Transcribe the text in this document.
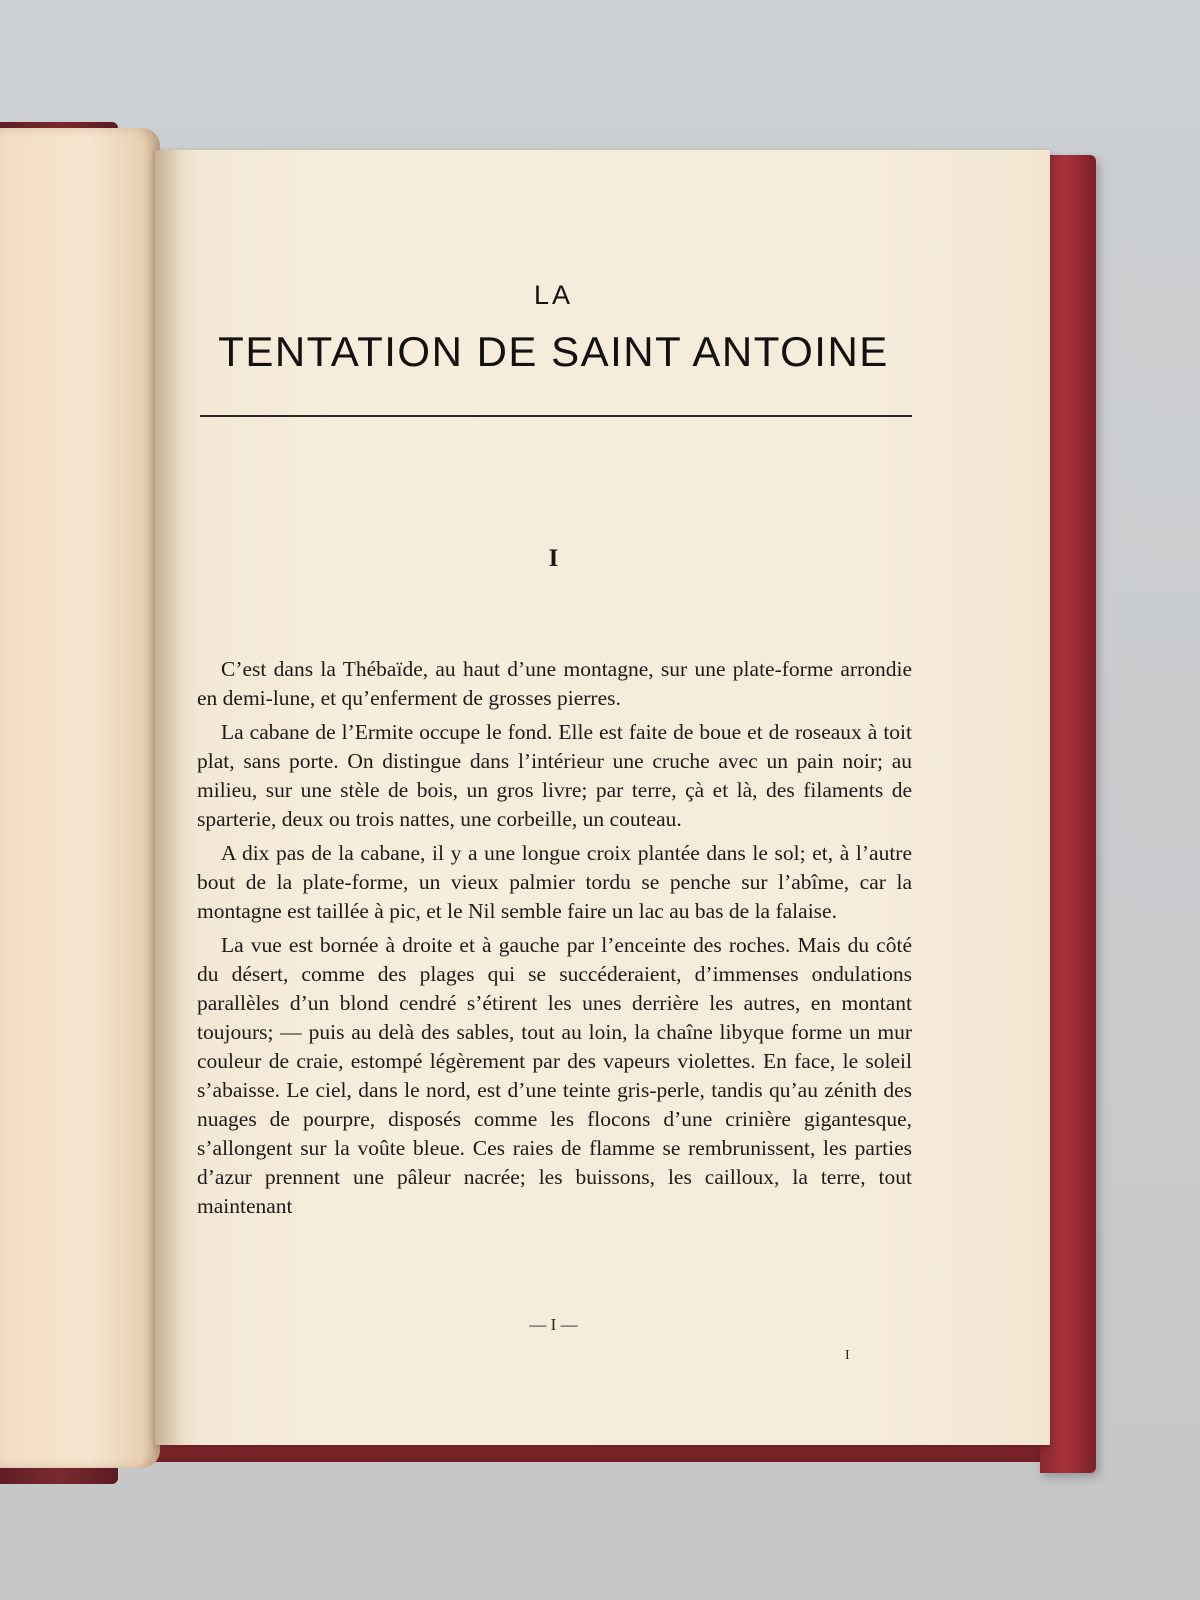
LA
TENTATION DE SAINT ANTOINE
I

C’est dans la Thébaïde, au haut d’une montagne, sur une plate-forme arrondie en demi-lune, et qu’enferment de grosses pierres.

La cabane de l’Ermite occupe le fond. Elle est faite de boue et de roseaux à toit plat, sans porte. On distingue dans l’intérieur une cruche avec un pain noir; au milieu, sur une stèle de bois, un gros livre; par terre, çà et là, des filaments de sparterie, deux ou trois nattes, une corbeille, un couteau.

A dix pas de la cabane, il y a une longue croix plantée dans le sol; et, à l’autre bout de la plate-forme, un vieux palmier tordu se penche sur l’abîme, car la montagne est taillée à pic, et le Nil semble faire un lac au bas de la falaise.

La vue est bornée à droite et à gauche par l’enceinte des roches. Mais du côté du désert, comme des plages qui se succéderaient, d’immenses ondulations parallèles d’un blond cendré s’étirent les unes derrière les autres, en montant toujours; — puis au delà des sables, tout au loin, la chaîne libyque forme un mur couleur de craie, estompé légèrement par des vapeurs violettes. En face, le soleil s’abaisse. Le ciel, dans le nord, est d’une teinte gris-perle, tandis qu’au zénith des nuages de pourpre, disposés comme les flocons d’une crinière gigantesque, s’allongent sur la voûte bleue. Ces raies de flamme se rembrunissent, les parties d’azur prennent une pâleur nacrée; les buissons, les cailloux, la terre, tout maintenant

— I —
I
